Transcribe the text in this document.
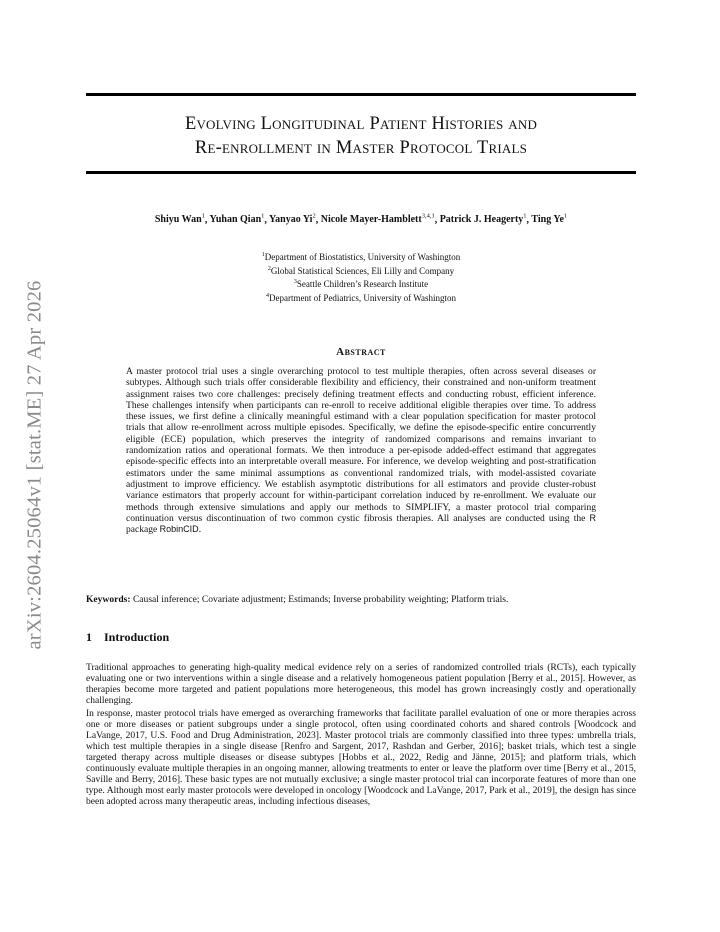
arXiv:2604.25064v1 [stat.ME] 27 Apr 2026
Evolving Longitudinal Patient Histories and
Re-enrollment in Master Protocol Trials
Shiyu Wan$^1$, Yuhan Qian$^1$, Yanyao Yi$^2$, Nicole Mayer-Hamblett$^{3,4,1}$, Patrick J. Heagerty$^1$, Ting Ye$^1$
$^1$Department of Biostatistics, University of Washington
$^2$Global Statistical Sciences, Eli Lilly and Company
$^3$Seattle Children’s Research Institute
$^4$Department of Pediatrics, University of Washington
Abstract

A master protocol trial uses a single overarching protocol to test multiple therapies, often across several diseases or subtypes. Although such trials offer considerable flexibility and efficiency, their constrained and non-uniform treatment assignment raises two core challenges: precisely defining treatment effects and conducting robust, efficient inference. These challenges intensify when participants can re-enroll to receive additional eligible therapies over time. To address these issues, we first define a clinically meaningful estimand with a clear population specification for master protocol trials that allow re-enrollment across multiple episodes. Specifically, we define the episode-specific entire concurrently eligible (ECE) population, which preserves the integrity of randomized comparisons and remains invariant to randomization ratios and operational formats. We then introduce a per-episode added-effect estimand that aggregates episode-specific effects into an interpretable overall measure. For inference, we develop weighting and post-stratification estimators under the same minimal assumptions as conventional randomized trials, with model-assisted covariate adjustment to improve efficiency. We establish asymptotic distributions for all estimators and provide cluster-robust variance estimators that properly account for within-participant correlation induced by re-enrollment. We evaluate our methods through extensive simulations and apply our methods to SIMPLIFY, a master protocol trial comparing continuation versus discontinuation of two common cystic fibrosis therapies. All analyses are conducted using the R package RobinCID.

Keywords: Causal inference; Covariate adjustment; Estimands; Inverse probability weighting; Platform trials.

1 Introduction

Traditional approaches to generating high-quality medical evidence rely on a series of randomized controlled trials (RCTs), each typically evaluating one or two interventions within a single disease and a relatively homogeneous patient population [Berry et al., 2015]. However, as therapies become more targeted and patient populations more heterogeneous, this model has grown increasingly costly and operationally challenging.

In response, master protocol trials have emerged as overarching frameworks that facilitate parallel evaluation of one or more therapies across one or more diseases or patient subgroups under a single protocol, often using coordinated cohorts and shared controls [Woodcock and LaVange, 2017, U.S. Food and Drug Administration, 2023]. Master protocol trials are commonly classified into three types: umbrella trials, which test multiple therapies in a single disease [Renfro and Sargent, 2017, Rashdan and Gerber, 2016]; basket trials, which test a single targeted therapy across multiple diseases or disease subtypes [Hobbs et al., 2022, Redig and Jänne, 2015]; and platform trials, which continuously evaluate multiple therapies in an ongoing manner, allowing treatments to enter or leave the platform over time [Berry et al., 2015, Saville and Berry, 2016]. These basic types are not mutually exclusive; a single master protocol trial can incorporate features of more than one type. Although most early master protocols were developed in oncology [Woodcock and LaVange, 2017, Park et al., 2019], the design has since been adopted across many therapeutic areas, including infectious diseases,
